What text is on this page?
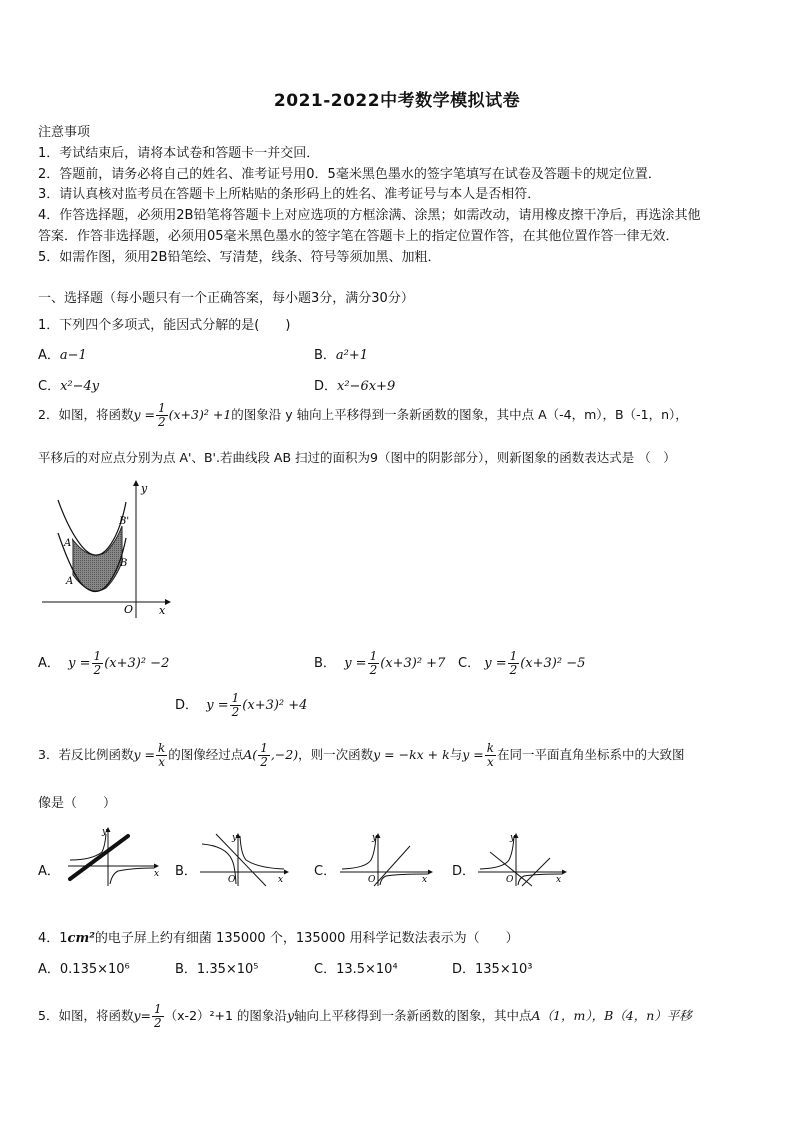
2021-2022中考数学模拟试卷
注意事项
1．考试结束后，请将本试卷和答题卡一并交回．
2．答题前，请务必将自己的姓名、准考证号用0．5毫米黑色墨水的签字笔填写在试卷及答题卡的规定位置．
3．请认真核对监考员在答题卡上所粘贴的条形码上的姓名、准考证号与本人是否相符．
4．作答选择题，必须用2B铅笔将答题卡上对应选项的方框涂满、涂黑；如需改动，请用橡皮擦干净后，再选涂其他
答案．作答非选择题，必须用05毫米黑色墨水的签字笔在答题卡上的指定位置作答，在其他位置作答一律无效．
5．如需作图，须用2B铅笔绘、写清楚，线条、符号等须加黑、加粗．
一、选择题（每小题只有一个正确答案，每小题3分，满分30分）
1．下列四个多项式，能因式分解的是(　　)
A．a−1	B．a²+1
C．x²−4y	D．x²−6x+9
2．如图，将函数$y = \frac{1}{2} (x+3)^2 +1$的图象沿 y 轴向上平移得到一条新函数的图象，其中点 A（-4，m），B（-1，n），
平移后的对应点分别为点 A'、B'.若曲线段 AB 扫过的面积为9（图中的阴影部分），则新图象的函数表达式是 （　）
y
x
O
B'
B
A'
A
A． $y = \frac{1}{2} (x+3)^2 -2$	B． $y = \frac{1}{2} (x+3)^2 +7$ C． $y = \frac{1}{2} (x+3)^2 -5$
D． $y = \frac{1}{2} (x+3)^2 +4$
3．若反比例函数$y = \frac{k}{x}$ 的图像经过点$A( \frac{1}{2} ,-2)$，则一次函数y = −kx + k与$y = \frac{k}{x}$ 在同一平面直角坐标系中的大致图
像是（　　）
A．
y
x B．
y
x
O
C．
y
x
O
D．
y
x
O
4．1cm²的电子屏上约有细菌 135000 个，135000 用科学记数法表示为（　　）
A．0.135×10⁶	B．1.35×10⁵	C．13.5×10⁴	D．135×10³
5．如图，将函数$y= \frac{1}{2} (x-2)^2+1$ 的图象沿y轴向上平移得到一条新函数的图象，其中点A（1，m），B（4，n）平移
